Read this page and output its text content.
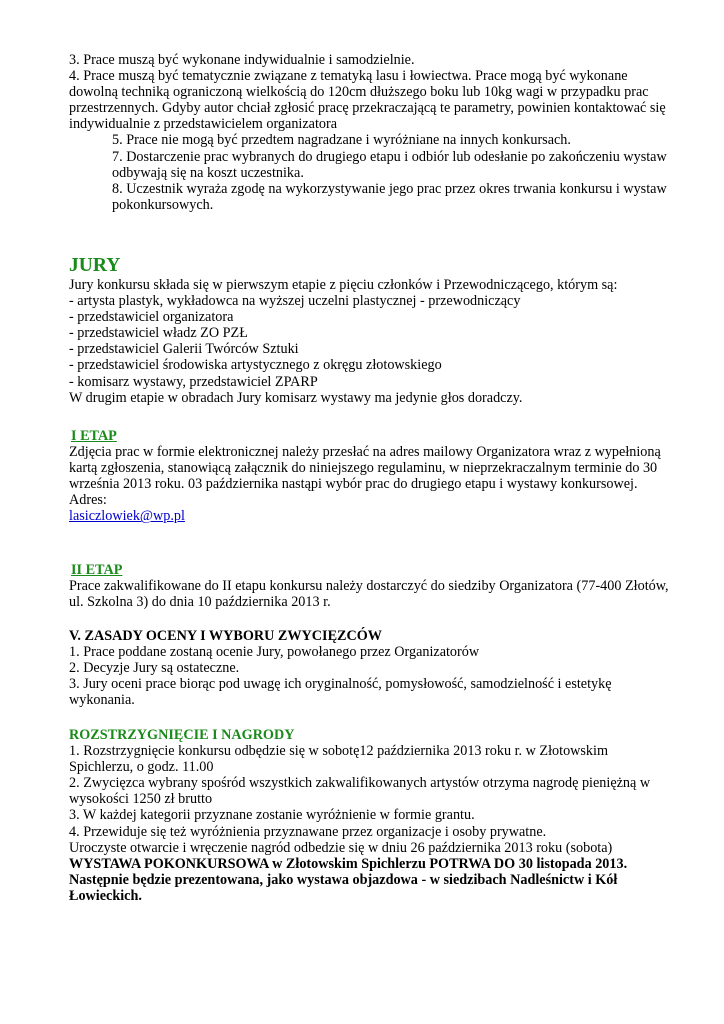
3. Prace muszą być wykonane indywidualnie i samodzielnie.

4. Prace muszą być tematycznie związane z tematyką lasu i łowiectwa. Prace mogą być wykonane dowolną techniką ograniczoną wielkością do 120cm dłuższego boku lub 10kg wagi w przypadku prac przestrzennych. Gdyby autor chciał zgłosić pracę przekraczającą te parametry, powinien kontaktować się indywidualnie z przedstawicielem organizatora

5. Prace nie mogą być przedtem nagradzane i wyróżniane na innych konkursach.

7. Dostarczenie prac wybranych do drugiego etapu i odbiór lub odesłanie po zakończeniu wystaw odbywają się na koszt uczestnika.

8. Uczestnik wyraża zgodę na wykorzystywanie jego prac przez okres trwania konkursu i wystaw pokonkursowych.

JURY

Jury konkursu składa się w pierwszym etapie z pięciu członków i Przewodniczącego, którym są:

- artysta plastyk, wykładowca na wyższej uczelni plastycznej - przewodniczący

- przedstawiciel organizatora

- przedstawiciel władz ZO PZŁ

- przedstawiciel Galerii Twórców Sztuki

- przedstawiciel środowiska artystycznego z okręgu złotowskiego

- komisarz wystawy, przedstawiciel ZPARP

W drugim etapie w obradach Jury komisarz wystawy ma jedynie głos doradczy.

I ETAP

Zdjęcia prac w formie elektronicznej należy przesłać na adres mailowy Organizatora wraz z wypełnioną kartą zgłoszenia, stanowiącą załącznik do niniejszego regulaminu, w nieprzekraczalnym terminie do 30 września 2013 roku. 03 października nastąpi wybór prac do drugiego etapu i wystawy konkursowej.

Adres:

lasiczlowiek@wp.pl

II ETAP

Prace zakwalifikowane do II etapu konkursu należy dostarczyć do siedziby Organizatora (77-400 Złotów, ul. Szkolna 3) do dnia 10 października 2013 r.

V. ZASADY OCENY I WYBORU ZWYCIĘZCÓW

1. Prace poddane zostaną ocenie Jury, powołanego przez Organizatorów

2. Decyzje Jury są ostateczne.

3. Jury oceni prace biorąc pod uwagę ich oryginalność, pomysłowość, samodzielność i estetykę wykonania.

ROZSTRZYGNIĘCIE I NAGRODY

1. Rozstrzygnięcie konkursu odbędzie się w sobotę12 października 2013 roku r. w Złotowskim Spichlerzu, o godz. 11.00

2. Zwycięzca wybrany spośród wszystkich zakwalifikowanych artystów otrzyma nagrodę pieniężną w wysokości 1250 zł brutto

3. W każdej kategorii przyznane zostanie wyróżnienie w formie grantu.

4. Przewiduje się też wyróżnienia przyznawane przez organizacje i osoby prywatne.

Uroczyste otwarcie i wręczenie nagród odbedzie się w dniu 26 października 2013 roku (sobota)

WYSTAWA POKONKURSOWA w Złotowskim Spichlerzu POTRWA DO 30 listopada 2013. Następnie będzie prezentowana, jako wystawa objazdowa - w siedzibach Nadleśnictw i Kół Łowieckich.
